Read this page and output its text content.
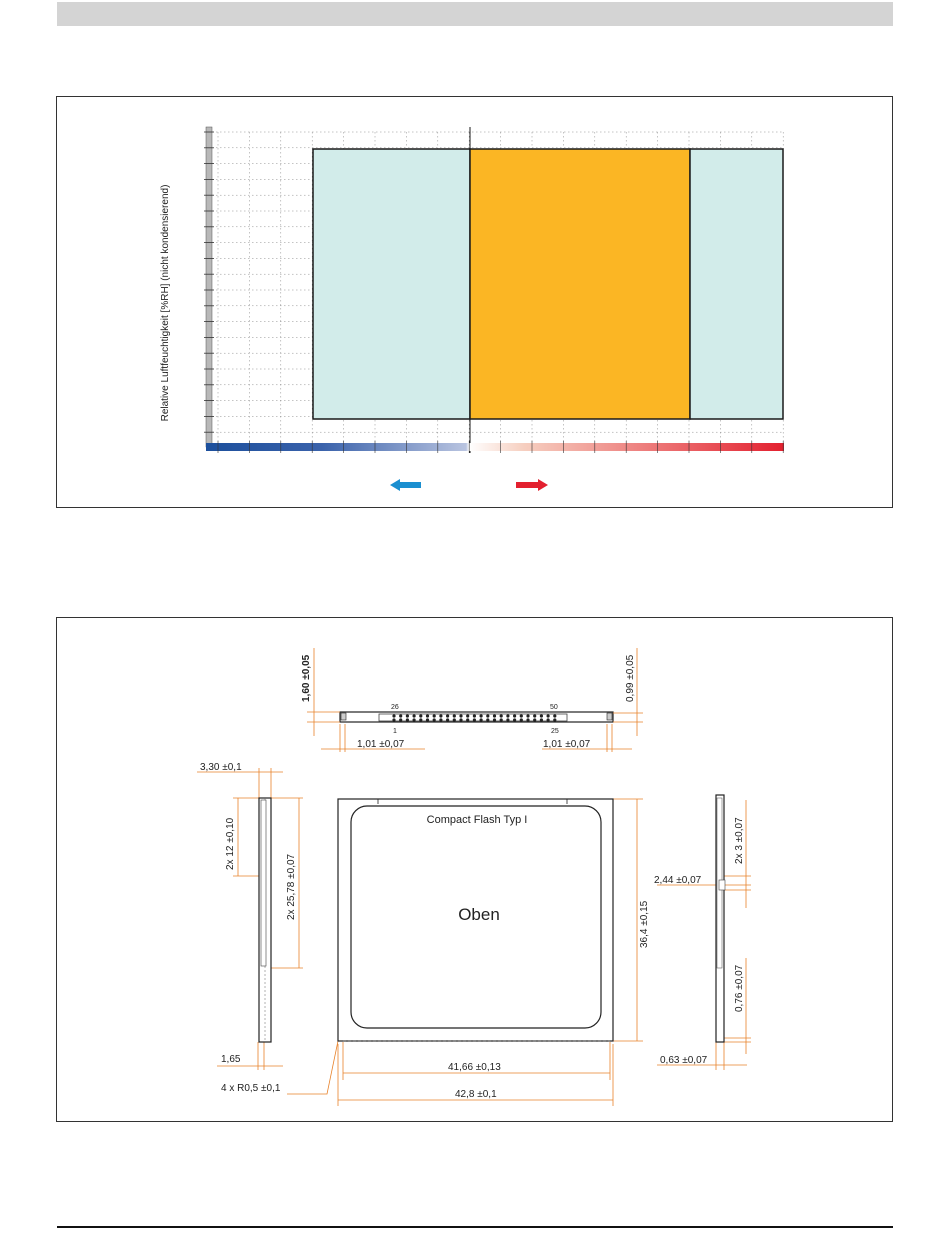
Relative Luftfeuchtigkeit [%RH] (nicht kondensierend)
26	50
1	25
Compact Flash Typ I
Oben
1,60 ±0,05	0,99 ±0,05
1,01 ±0,07	1,01 ±0,07
3,30 ±0,1
2x 12 ±0,10
2x 25,78 ±0,07
1,65
4 x R0,5 ±0,1
36,4 ±0,15
41,66 ±0,13
42,8 ±0,1
2x 3 ±0,07
2,44 ±0,07
0,76 ±0,07
0,63 ±0,07
